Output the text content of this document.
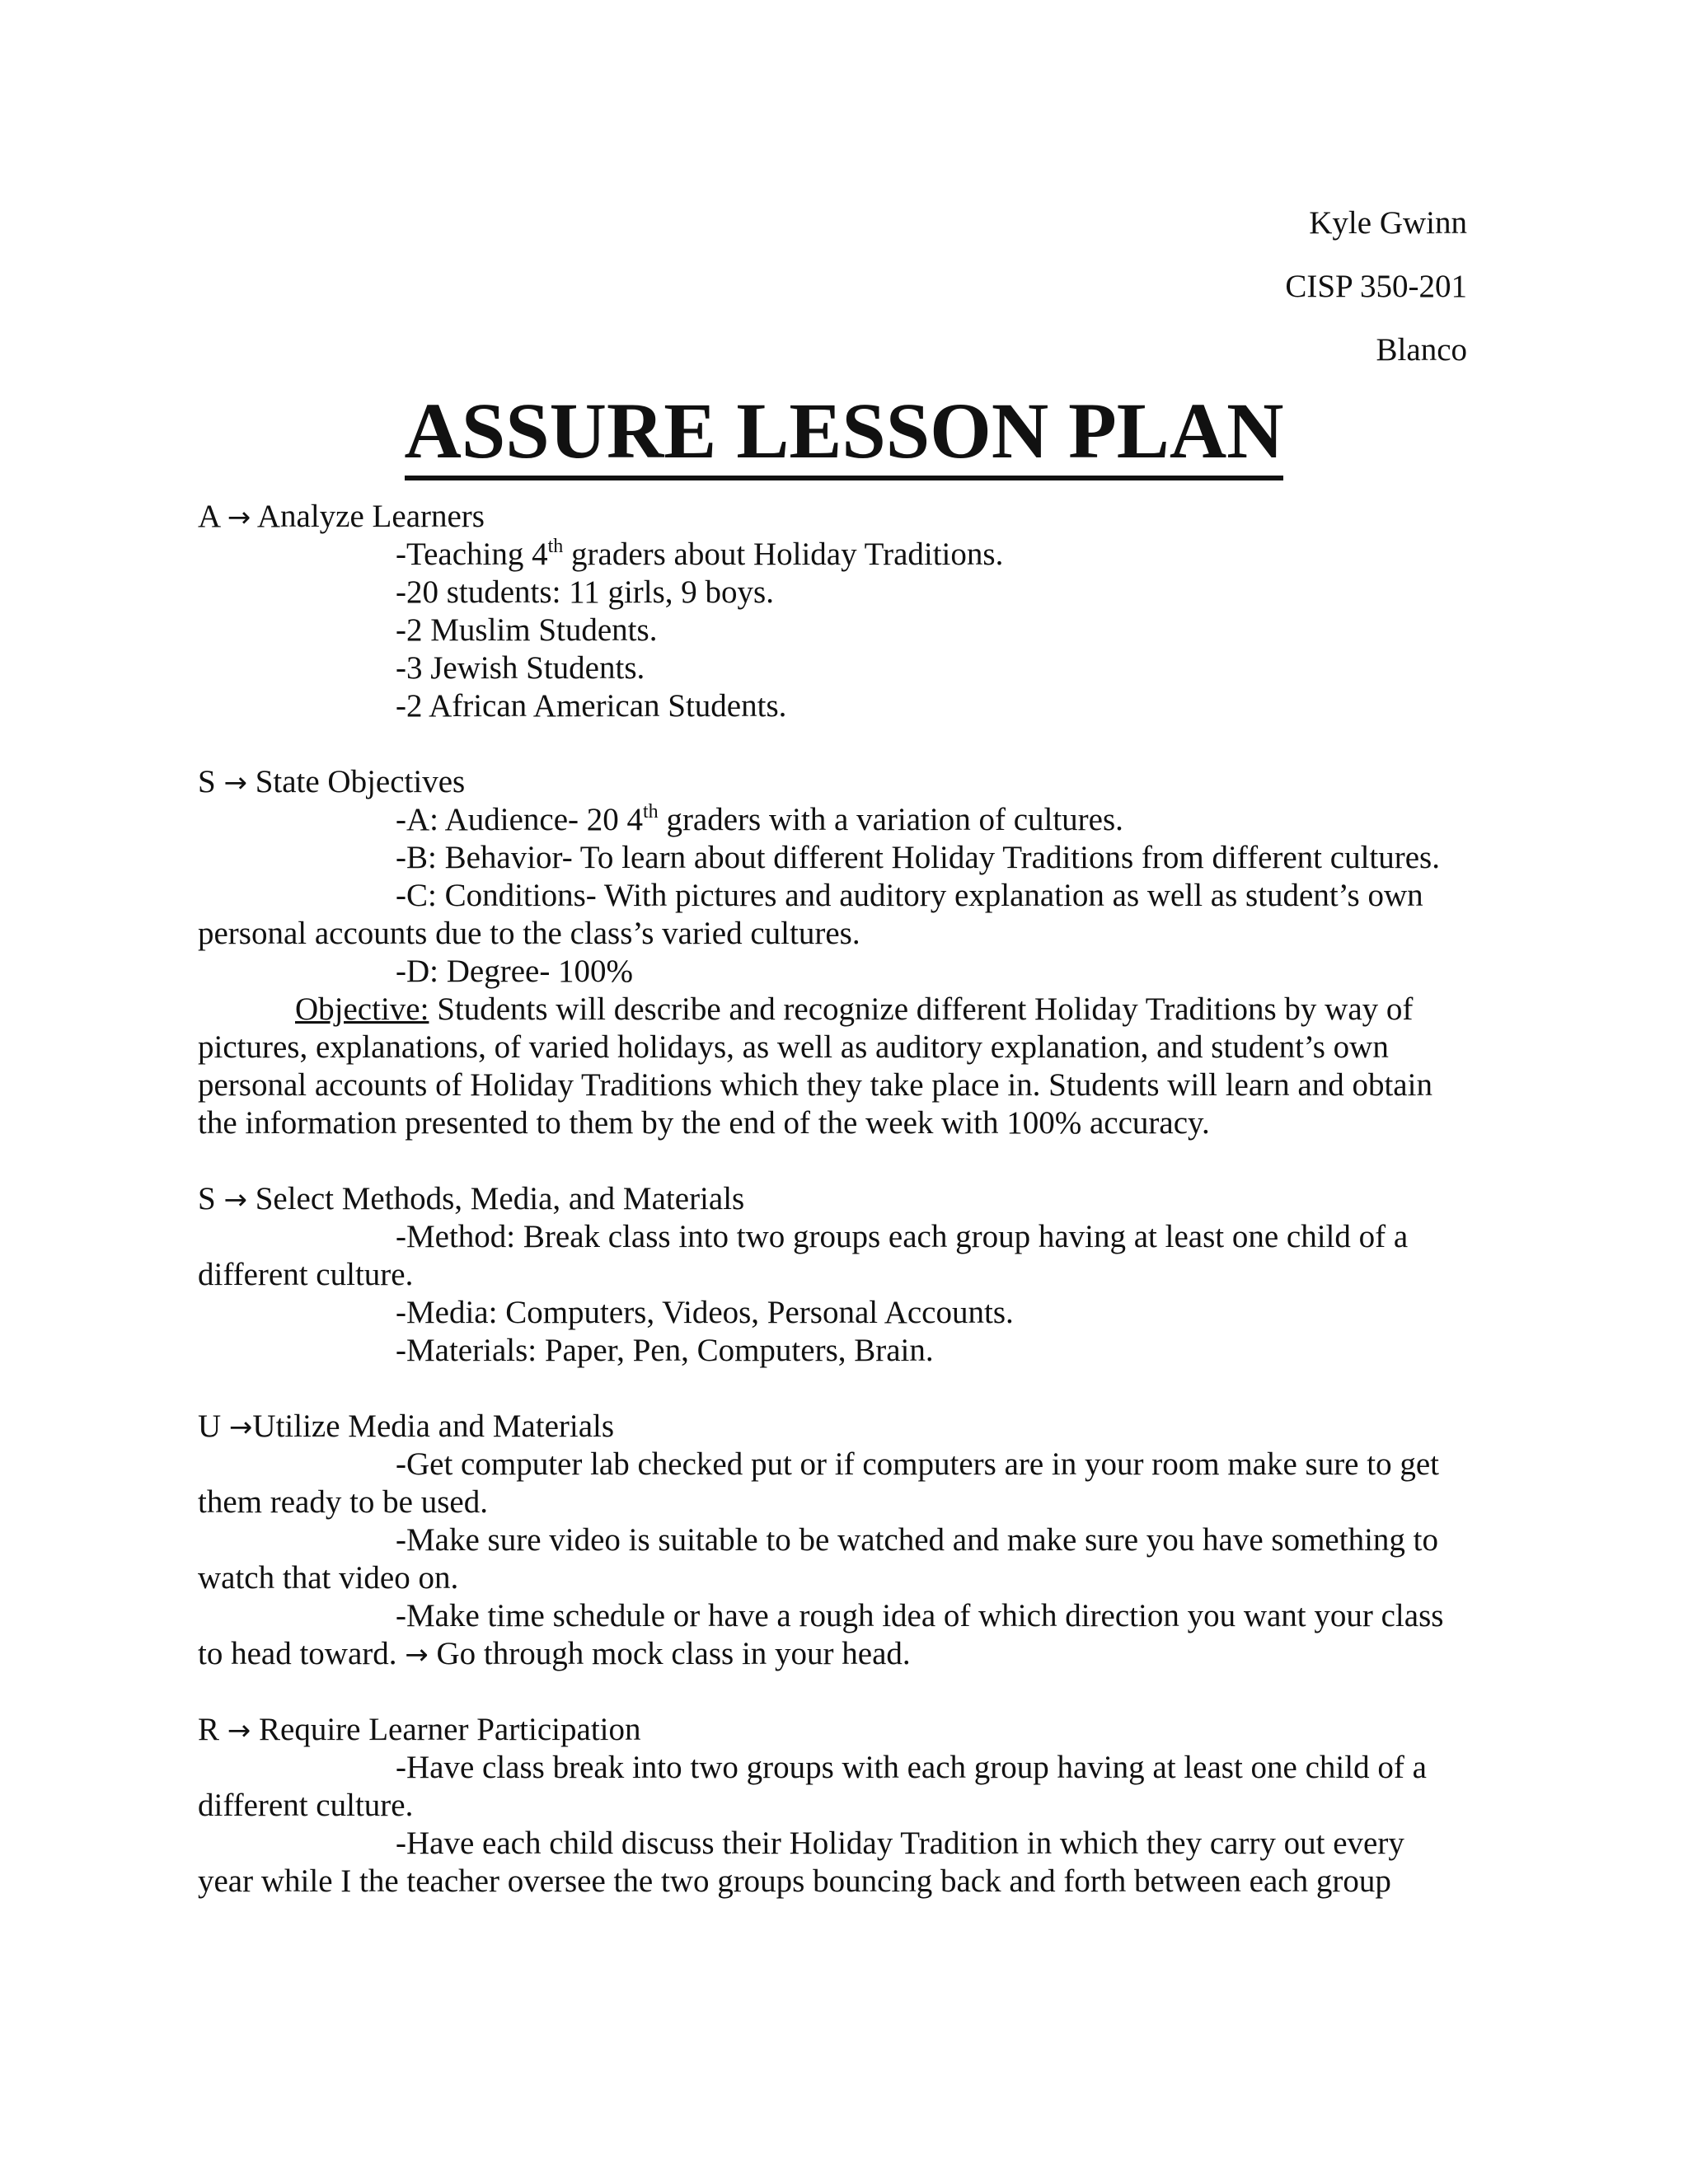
Kyle Gwinn
CISP 350-201
Blanco
ASSURE LESSON PLAN
A → Analyze Learners
-Teaching 4th graders about Holiday Traditions.
-20 students: 11 girls, 9 boys.
-2 Muslim Students.
-3 Jewish Students.
-2 African American Students.
S → State Objectives
-A: Audience- 20 4th graders with a variation of cultures.
-B: Behavior- To learn about different Holiday Traditions from different cultures.
-C: Conditions- With pictures and auditory explanation as well as student’s own
personal accounts due to the class’s varied cultures.
-D: Degree- 100%
Objective: Students will describe and recognize different Holiday Traditions by way of
pictures, explanations, of varied holidays, as well as auditory explanation, and student’s own
personal accounts of Holiday Traditions which they take place in. Students will learn and obtain
the information presented to them by the end of the week with 100% accuracy.
S → Select Methods, Media, and Materials
-Method: Break class into two groups each group having at least one child of a
different culture.
-Media: Computers, Videos, Personal Accounts.
-Materials: Paper, Pen, Computers, Brain.
U →Utilize Media and Materials
-Get computer lab checked put or if computers are in your room make sure to get
them ready to be used.
-Make sure video is suitable to be watched and make sure you have something to
watch that video on.
-Make time schedule or have a rough idea of which direction you want your class
to head toward. → Go through mock class in your head.
R → Require Learner Participation
-Have class break into two groups with each group having at least one child of a
different culture.
-Have each child discuss their Holiday Tradition in which they carry out every
year while I the teacher oversee the two groups bouncing back and forth between each group
